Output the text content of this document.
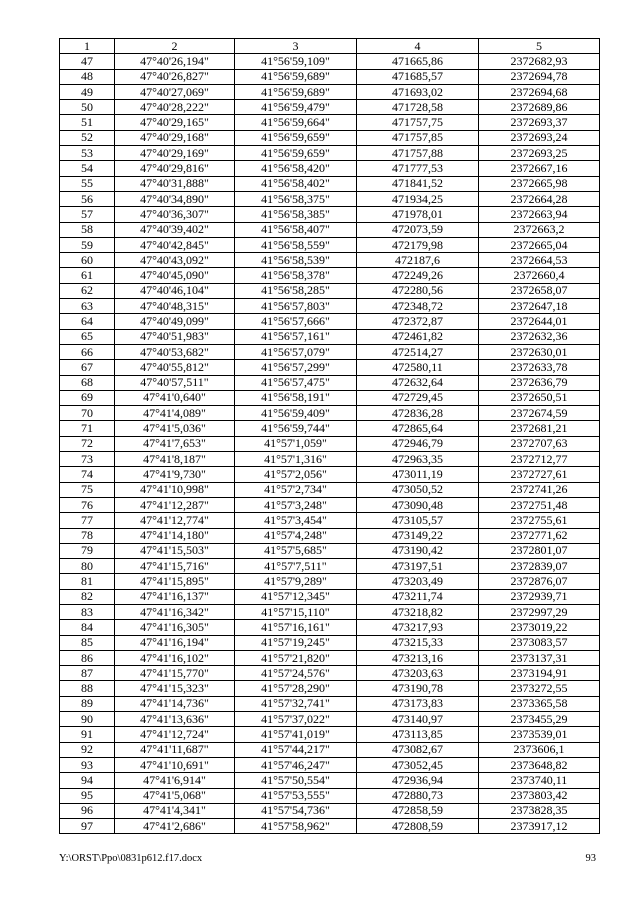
1	2	3	4	5
47	47°40'26,194"	41°56'59,109"	471665,86	2372682,93
48	47°40'26,827"	41°56'59,689"	471685,57	2372694,78
49	47°40'27,069"	41°56'59,689"	471693,02	2372694,68
50	47°40'28,222"	41°56'59,479"	471728,58	2372689,86
51	47°40'29,165"	41°56'59,664"	471757,75	2372693,37
52	47°40'29,168"	41°56'59,659"	471757,85	2372693,24
53	47°40'29,169"	41°56'59,659"	471757,88	2372693,25
54	47°40'29,816"	41°56'58,420"	471777,53	2372667,16
55	47°40'31,888"	41°56'58,402"	471841,52	2372665,98
56	47°40'34,890"	41°56'58,375"	471934,25	2372664,28
57	47°40'36,307"	41°56'58,385"	471978,01	2372663,94
58	47°40'39,402"	41°56'58,407"	472073,59	2372663,2
59	47°40'42,845"	41°56'58,559"	472179,98	2372665,04
60	47°40'43,092"	41°56'58,539"	472187,6	2372664,53
61	47°40'45,090"	41°56'58,378"	472249,26	2372660,4
62	47°40'46,104"	41°56'58,285"	472280,56	2372658,07
63	47°40'48,315"	41°56'57,803"	472348,72	2372647,18
64	47°40'49,099"	41°56'57,666"	472372,87	2372644,01
65	47°40'51,983"	41°56'57,161"	472461,82	2372632,36
66	47°40'53,682"	41°56'57,079"	472514,27	2372630,01
67	47°40'55,812"	41°56'57,299"	472580,11	2372633,78
68	47°40'57,511"	41°56'57,475"	472632,64	2372636,79
69	47°41'0,640"	41°56'58,191"	472729,45	2372650,51
70	47°41'4,089"	41°56'59,409"	472836,28	2372674,59
71	47°41'5,036"	41°56'59,744"	472865,64	2372681,21
72	47°41'7,653"	41°57'1,059"	472946,79	2372707,63
73	47°41'8,187"	41°57'1,316"	472963,35	2372712,77
74	47°41'9,730"	41°57'2,056"	473011,19	2372727,61
75	47°41'10,998"	41°57'2,734"	473050,52	2372741,26
76	47°41'12,287"	41°57'3,248"	473090,48	2372751,48
77	47°41'12,774"	41°57'3,454"	473105,57	2372755,61
78	47°41'14,180"	41°57'4,248"	473149,22	2372771,62
79	47°41'15,503"	41°57'5,685"	473190,42	2372801,07
80	47°41'15,716"	41°57'7,511"	473197,51	2372839,07
81	47°41'15,895"	41°57'9,289"	473203,49	2372876,07
82	47°41'16,137"	41°57'12,345"	473211,74	2372939,71
83	47°41'16,342"	41°57'15,110"	473218,82	2372997,29
84	47°41'16,305"	41°57'16,161"	473217,93	2373019,22
85	47°41'16,194"	41°57'19,245"	473215,33	2373083,57
86	47°41'16,102"	41°57'21,820"	473213,16	2373137,31
87	47°41'15,770"	41°57'24,576"	473203,63	2373194,91
88	47°41'15,323"	41°57'28,290"	473190,78	2373272,55
89	47°41'14,736"	41°57'32,741"	473173,83	2373365,58
90	47°41'13,636"	41°57'37,022"	473140,97	2373455,29
91	47°41'12,724"	41°57'41,019"	473113,85	2373539,01
92	47°41'11,687"	41°57'44,217"	473082,67	2373606,1
93	47°41'10,691"	41°57'46,247"	473052,45	2373648,82
94	47°41'6,914"	41°57'50,554"	472936,94	2373740,11
95	47°41'5,068"	41°57'53,555"	472880,73	2373803,42
96	47°41'4,341"	41°57'54,736"	472858,59	2373828,35
97	47°41'2,686"	41°57'58,962"	472808,59	2373917,12
Y:\ORST\Ppo\0831p612.f17.docx	93
